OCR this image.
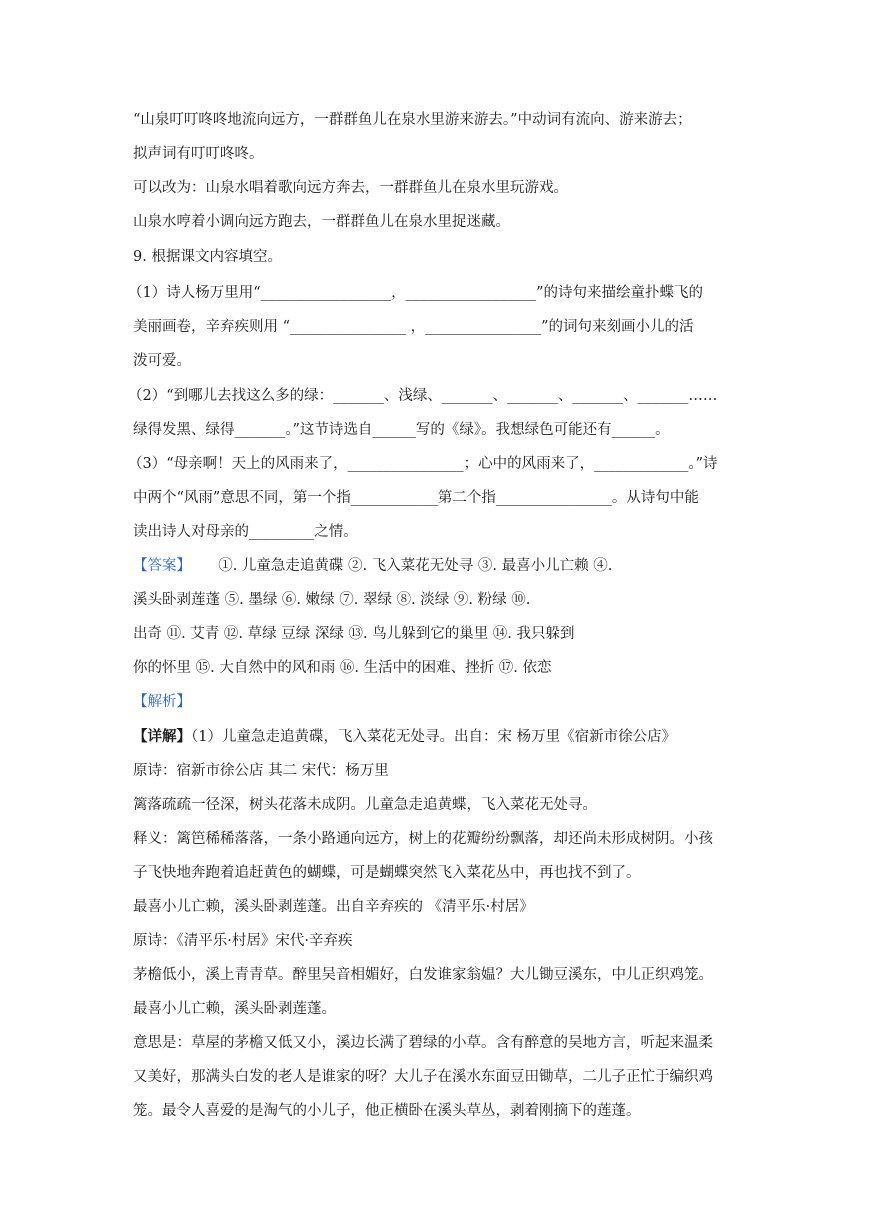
“山泉叮叮咚咚地流向远方，一群群鱼儿在泉水里游来游去。”中动词有流向、游来游去；
拟声词有叮叮咚咚。
可以改为：山泉水唱着歌向远方奔去，一群群鱼儿在泉水里玩游戏。
山泉水哼着小调向远方跑去，一群群鱼儿在泉水里捉迷藏。
9. 根据课文内容填空。
（1）诗人杨万里用“__________________，__________________”的诗句来描绘童扑蝶飞的
美丽画卷，辛弃疾则用 “________________ ，________________”的词句来刻画小儿的活
泼可爱。
（2）“到哪儿去找这么多的绿：_______、浅绿、_______、_______、_______、_______……
绿得发黑、绿得_______。”这节诗选自______写的《绿》。我想绿色可能还有______。
（3）“母亲啊！天上的风雨来了，________________；心中的风雨来了，_____________。”诗
中两个“风雨”意思不同，第一个指____________第二个指________________。从诗句中能
读出诗人对母亲的_________之情。
【答案】 ①. 儿童急走追黄碟 ②. 飞入菜花无处寻 ③. 最喜小儿亡赖 ④.
溪头卧剥莲蓬 ⑤. 墨绿 ⑥. 嫩绿 ⑦. 翠绿 ⑧. 淡绿 ⑨. 粉绿 ⑩.
出奇 ⑪. 艾青 ⑫. 草绿 豆绿 深绿 ⑬. 鸟儿躲到它的巢里 ⑭. 我只躲到
你的怀里 ⑮. 大自然中的风和雨 ⑯. 生活中的困难、挫折 ⑰. 依恋
【解析】
【详解】（1）儿童急走追黄碟，飞入菜花无处寻。出自：宋 杨万里《宿新市徐公店》
原诗：宿新市徐公店 其二 宋代：杨万里
篱落疏疏一径深，树头花落未成阴。儿童急走追黄蝶，飞入菜花无处寻。
释义：篱笆稀稀落落，一条小路通向远方，树上的花瓣纷纷飘落，却还尚未形成树阴。小孩
子飞快地奔跑着追赶黄色的蝴蝶，可是蝴蝶突然飞入菜花丛中，再也找不到了。
最喜小儿亡赖，溪头卧剥莲蓬。出自辛弃疾的 《清平乐·村居》
原诗：《清平乐·村居》宋代·辛弃疾
茅檐低小，溪上青青草。醉里吴音相媚好，白发谁家翁媪？大儿锄豆溪东，中儿正织鸡笼。
最喜小儿亡赖，溪头卧剥莲蓬。
意思是：草屋的茅檐又低又小，溪边长满了碧绿的小草。含有醉意的吴地方言，听起来温柔
又美好，那满头白发的老人是谁家的呀？大儿子在溪水东面豆田锄草，二儿子正忙于编织鸡
笼。最令人喜爱的是淘气的小儿子，他正横卧在溪头草丛，剥着刚摘下的莲蓬。
